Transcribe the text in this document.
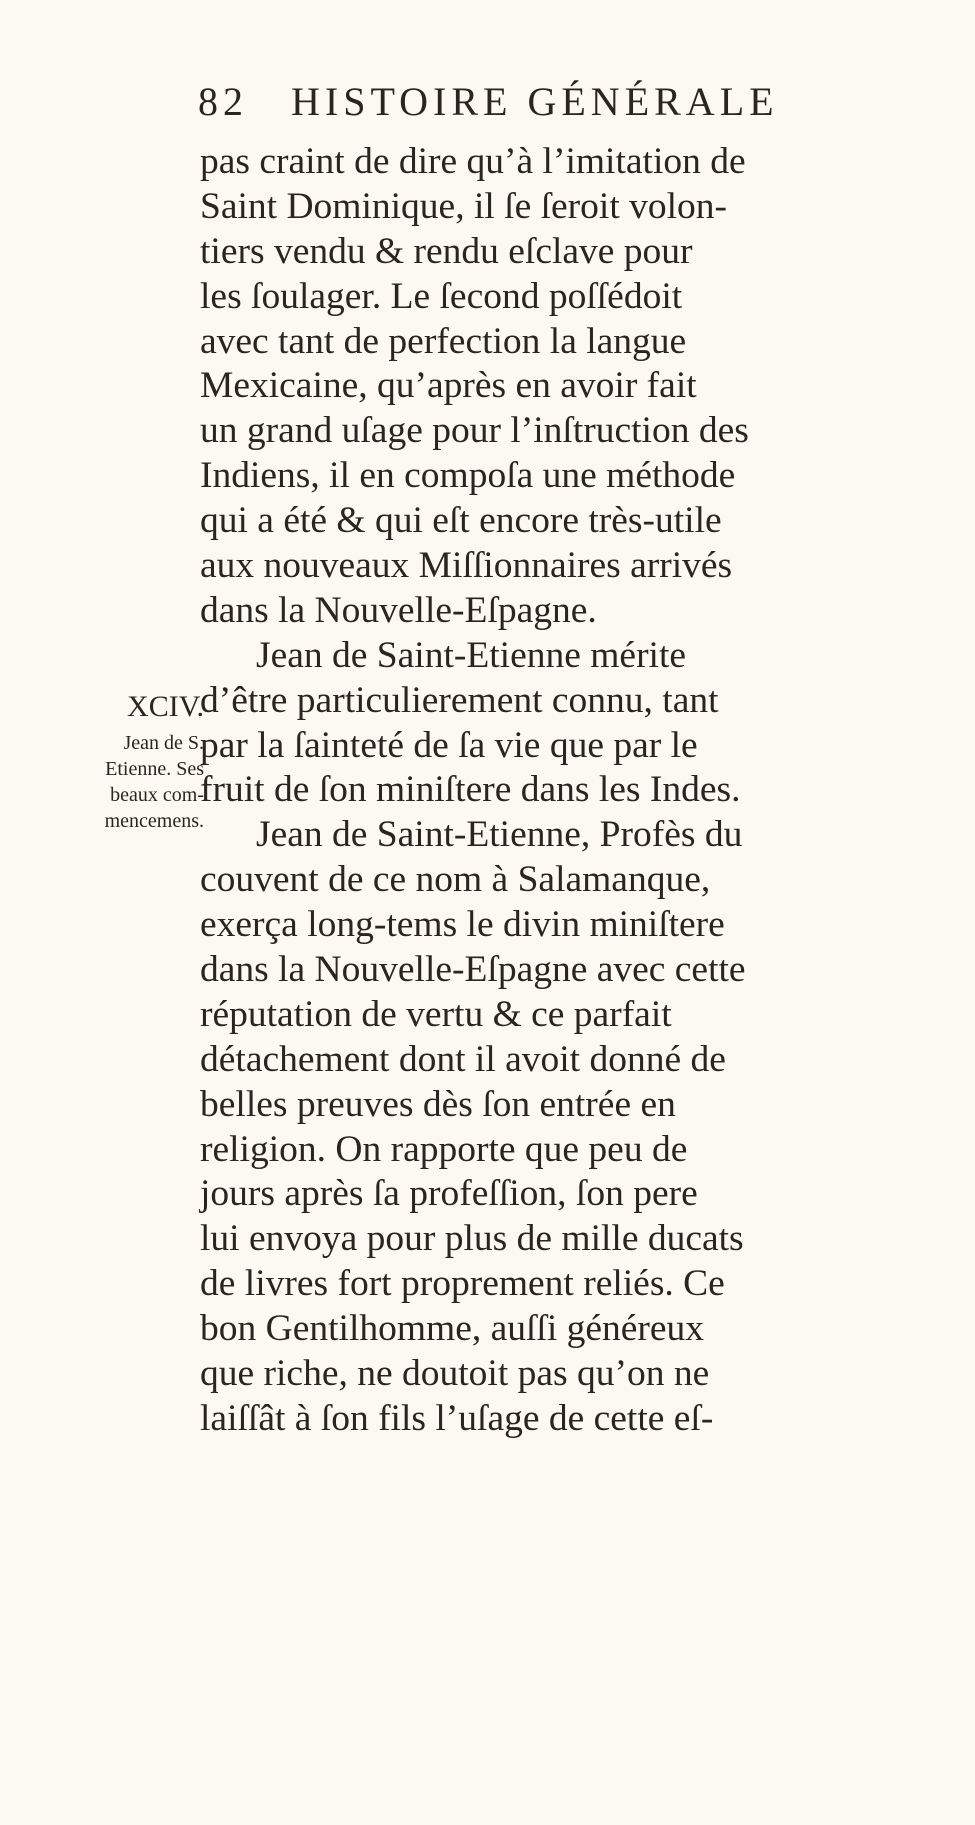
82 HISTOIRE GÉNÉRALE
XCIV.
Jean de S.
Etienne. Ses
beaux com-
mencemens.
pas craint de dire qu’à l’imitation de
Saint Dominique, il ſe ſeroit volon-
tiers vendu & rendu eſclave pour
les ſoulager. Le ſecond poſſédoit
avec tant de perfection la langue
Mexicaine, qu’après en avoir fait
un grand uſage pour l’inſtruction des
Indiens, il en compoſa une méthode
qui a été & qui eſt encore très-utile
aux nouveaux Miſſionnaires arrivés
dans la Nouvelle-Eſpagne.
Jean de Saint-Etienne mérite
d’être particulierement connu, tant
par la ſainteté de ſa vie que par le
fruit de ſon miniſtere dans les Indes.
Jean de Saint-Etienne, Profès du
couvent de ce nom à Salamanque,
exerça long-tems le divin miniſtere
dans la Nouvelle-Eſpagne avec cette
réputation de vertu & ce parfait
détachement dont il avoit donné de
belles preuves dès ſon entrée en
religion. On rapporte que peu de
jours après ſa profeſſion, ſon pere
lui envoya pour plus de mille ducats
de livres fort proprement reliés. Ce
bon Gentilhomme, auſſi généreux
que riche, ne doutoit pas qu’on ne
laiſſât à ſon fils l’uſage de cette eſ-
